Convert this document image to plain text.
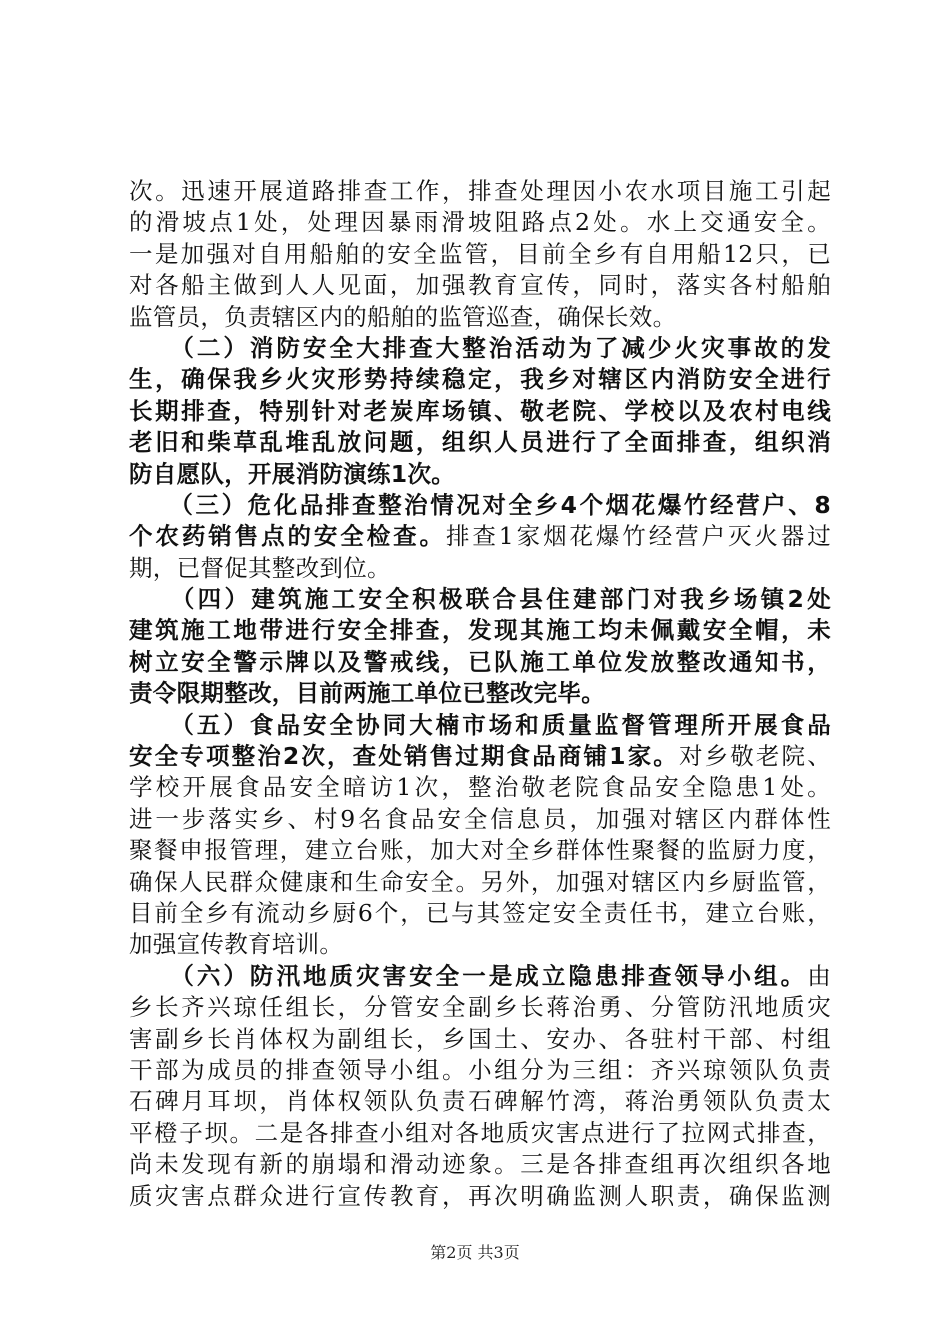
次。迅速开展道路排查工作，排查处理因小农水项目施工引起
的滑坡点1处，处理因暴雨滑坡阻路点2处。水上交通安全。
一是加强对自用船舶的安全监管，目前全乡有自用船12只，已
对各船主做到人人见面，加强教育宣传，同时，落实各村船舶
监管员，负责辖区内的船舶的监管巡查，确保长效。
　　（二）消防安全大排查大整治活动为了减少火灾事故的发
生，确保我乡火灾形势持续稳定，我乡对辖区内消防安全进行
长期排查，特别针对老炭库场镇、敬老院、学校以及农村电线
老旧和柴草乱堆乱放问题，组织人员进行了全面排查，组织消
防自愿队，开展消防演练1次。
　　（三）危化品排查整治情况对全乡4个烟花爆竹经营户、8
个农药销售点的安全检查。排查1家烟花爆竹经营户灭火器过
期，已督促其整改到位。
　　（四）建筑施工安全积极联合县住建部门对我乡场镇2处
建筑施工地带进行安全排查，发现其施工均未佩戴安全帽，未
树立安全警示牌以及警戒线，已队施工单位发放整改通知书，
责令限期整改，目前两施工单位已整改完毕。
　　（五）食品安全协同大楠市场和质量监督管理所开展食品
安全专项整治2次，查处销售过期食品商铺1家。对乡敬老院、
学校开展食品安全暗访1次，整治敬老院食品安全隐患1处。
进一步落实乡、村9名食品安全信息员，加强对辖区内群体性
聚餐申报管理，建立台账，加大对全乡群体性聚餐的监厨力度，
确保人民群众健康和生命安全。另外，加强对辖区内乡厨监管，
目前全乡有流动乡厨6个，已与其签定安全责任书，建立台账，
加强宣传教育培训。
　　（六）防汛地质灾害安全一是成立隐患排查领导小组。由
乡长齐兴琼任组长，分管安全副乡长蒋治勇、分管防汛地质灾
害副乡长肖体权为副组长，乡国土、安办、各驻村干部、村组
干部为成员的排查领导小组。小组分为三组：齐兴琼领队负责
石碑月耳坝，肖体权领队负责石碑解竹湾，蒋治勇领队负责太
平橙子坝。二是各排查小组对各地质灾害点进行了拉网式排查，
尚未发现有新的崩塌和滑动迹象。三是各排查组再次组织各地
质灾害点群众进行宣传教育，再次明确监测人职责，确保监测
第2页 共3页
